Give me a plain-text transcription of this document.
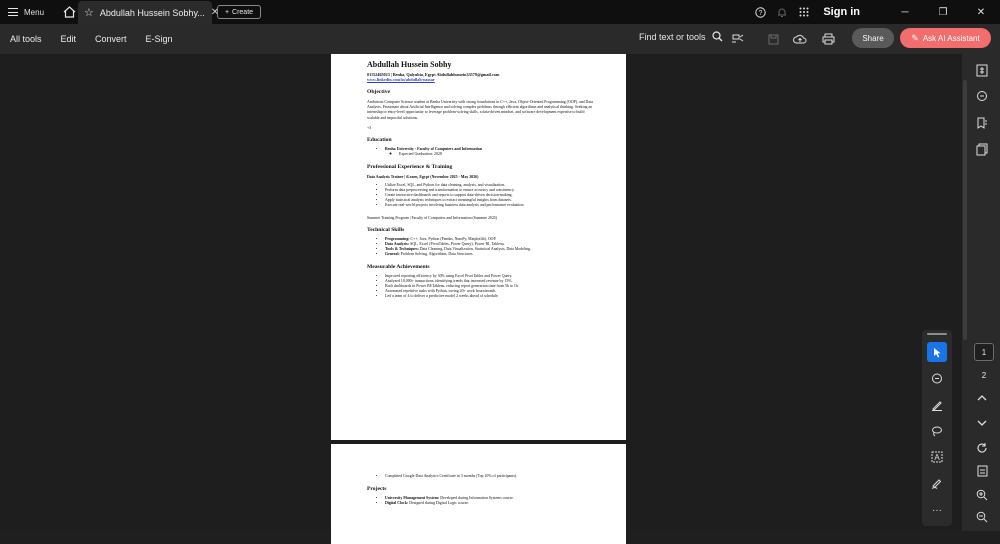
Menu	☆ Abdullah Hussein Sobhy... ✕ + Create	?	Sign in	─	❐	✕
All tools Edit Convert E-Sign	Find text or tools	Share	✎ Ask AI Assistant
Abdullah Hussein Sobhy
01152465023 | Benha, Qalyubia, Egypt Abdullahhussein33579@gmail.com
www.linkedin.com/in/abdullah-nassar
Objective
Ambitious Computer Science student at Benha University with strong foundations in C++, Java, Object-Oriented Programming (OOP), and Data Analysis. Passionate about Artificial Intelligence and solving complex problems through efficient algorithms and analytical thinking. Seeking an internship or entry-level opportunity to leverage problem-solving skills, a data-driven mindset, and software development expertise to build scalable and impactful solutions.
+3
Education
• Benha University - Faculty of Computers and Information
◦ Expected Graduation: 2028
Professional Experience & Training
Data Analysis Trainee | iLearn, Egypt (November 2025 - May 2026)
• Utilize Excel, SQL, and Python for data cleaning, analysis, and visualization.
• Perform data preprocessing and transformation to ensure accuracy and consistency.
• Create interactive dashboards and reports to support data-driven decision-making.
• Apply statistical analysis techniques to extract meaningful insights from datasets.
• Execute real-world projects involving business data analysis and performance evaluation.
Summer Training Program | Faculty of Computers and Information (Summer 2025)
Technical Skills
• Programming: C++, Java, Python (Pandas, NumPy, Matplotlib), OOP.
• Data Analysis: SQL, Excel (PivotTables, Power Query), Power BI, Tableau.
• Tools & Techniques: Data Cleaning, Data Visualization, Statistical Analysis, Data Modeling.
• General: Problem Solving, Algorithms, Data Structures.
Measurable Achievements
• Improved reporting efficiency by 30% using Excel PivotTables and Power Query.
• Analyzed 10,000+ transactions, identifying trends that increased revenue by 15%.
• Built dashboards in Power BI/Tableau, reducing report generation time from 5h to 1h.
• Automated repetitive tasks with Python, saving 20+ work hours/month.
• Led a team of 4 to deliver a predictive model 2 weeks ahead of schedule.
• Completed Google Data Analytics Certificate in 3 months (Top 10% of participants).
Projects
• University Management System: Developed during Information Systems course.
• Digital Clock: Designed during Digital Logic course.
A
···
1
2
